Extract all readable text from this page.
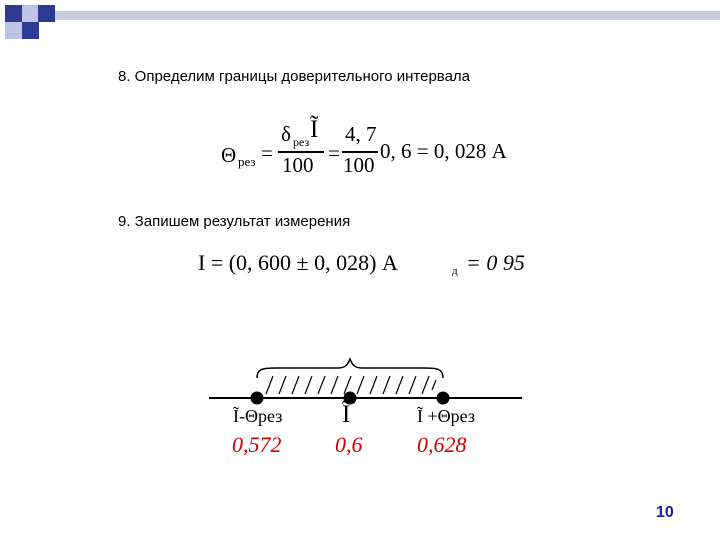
8. Определим границы доверительного интервала
Θ рез =
δ рез Ĩ
100 =
4, 7
100
0, 6 = 0, 028 А
9. Запишем результат измерения
I = (0, 600 ± 0, 028) А	д = 0 95
Ĩ-Θрез Ĩ	Ĩ +Θрез
0,572 0,6 0,628
10
